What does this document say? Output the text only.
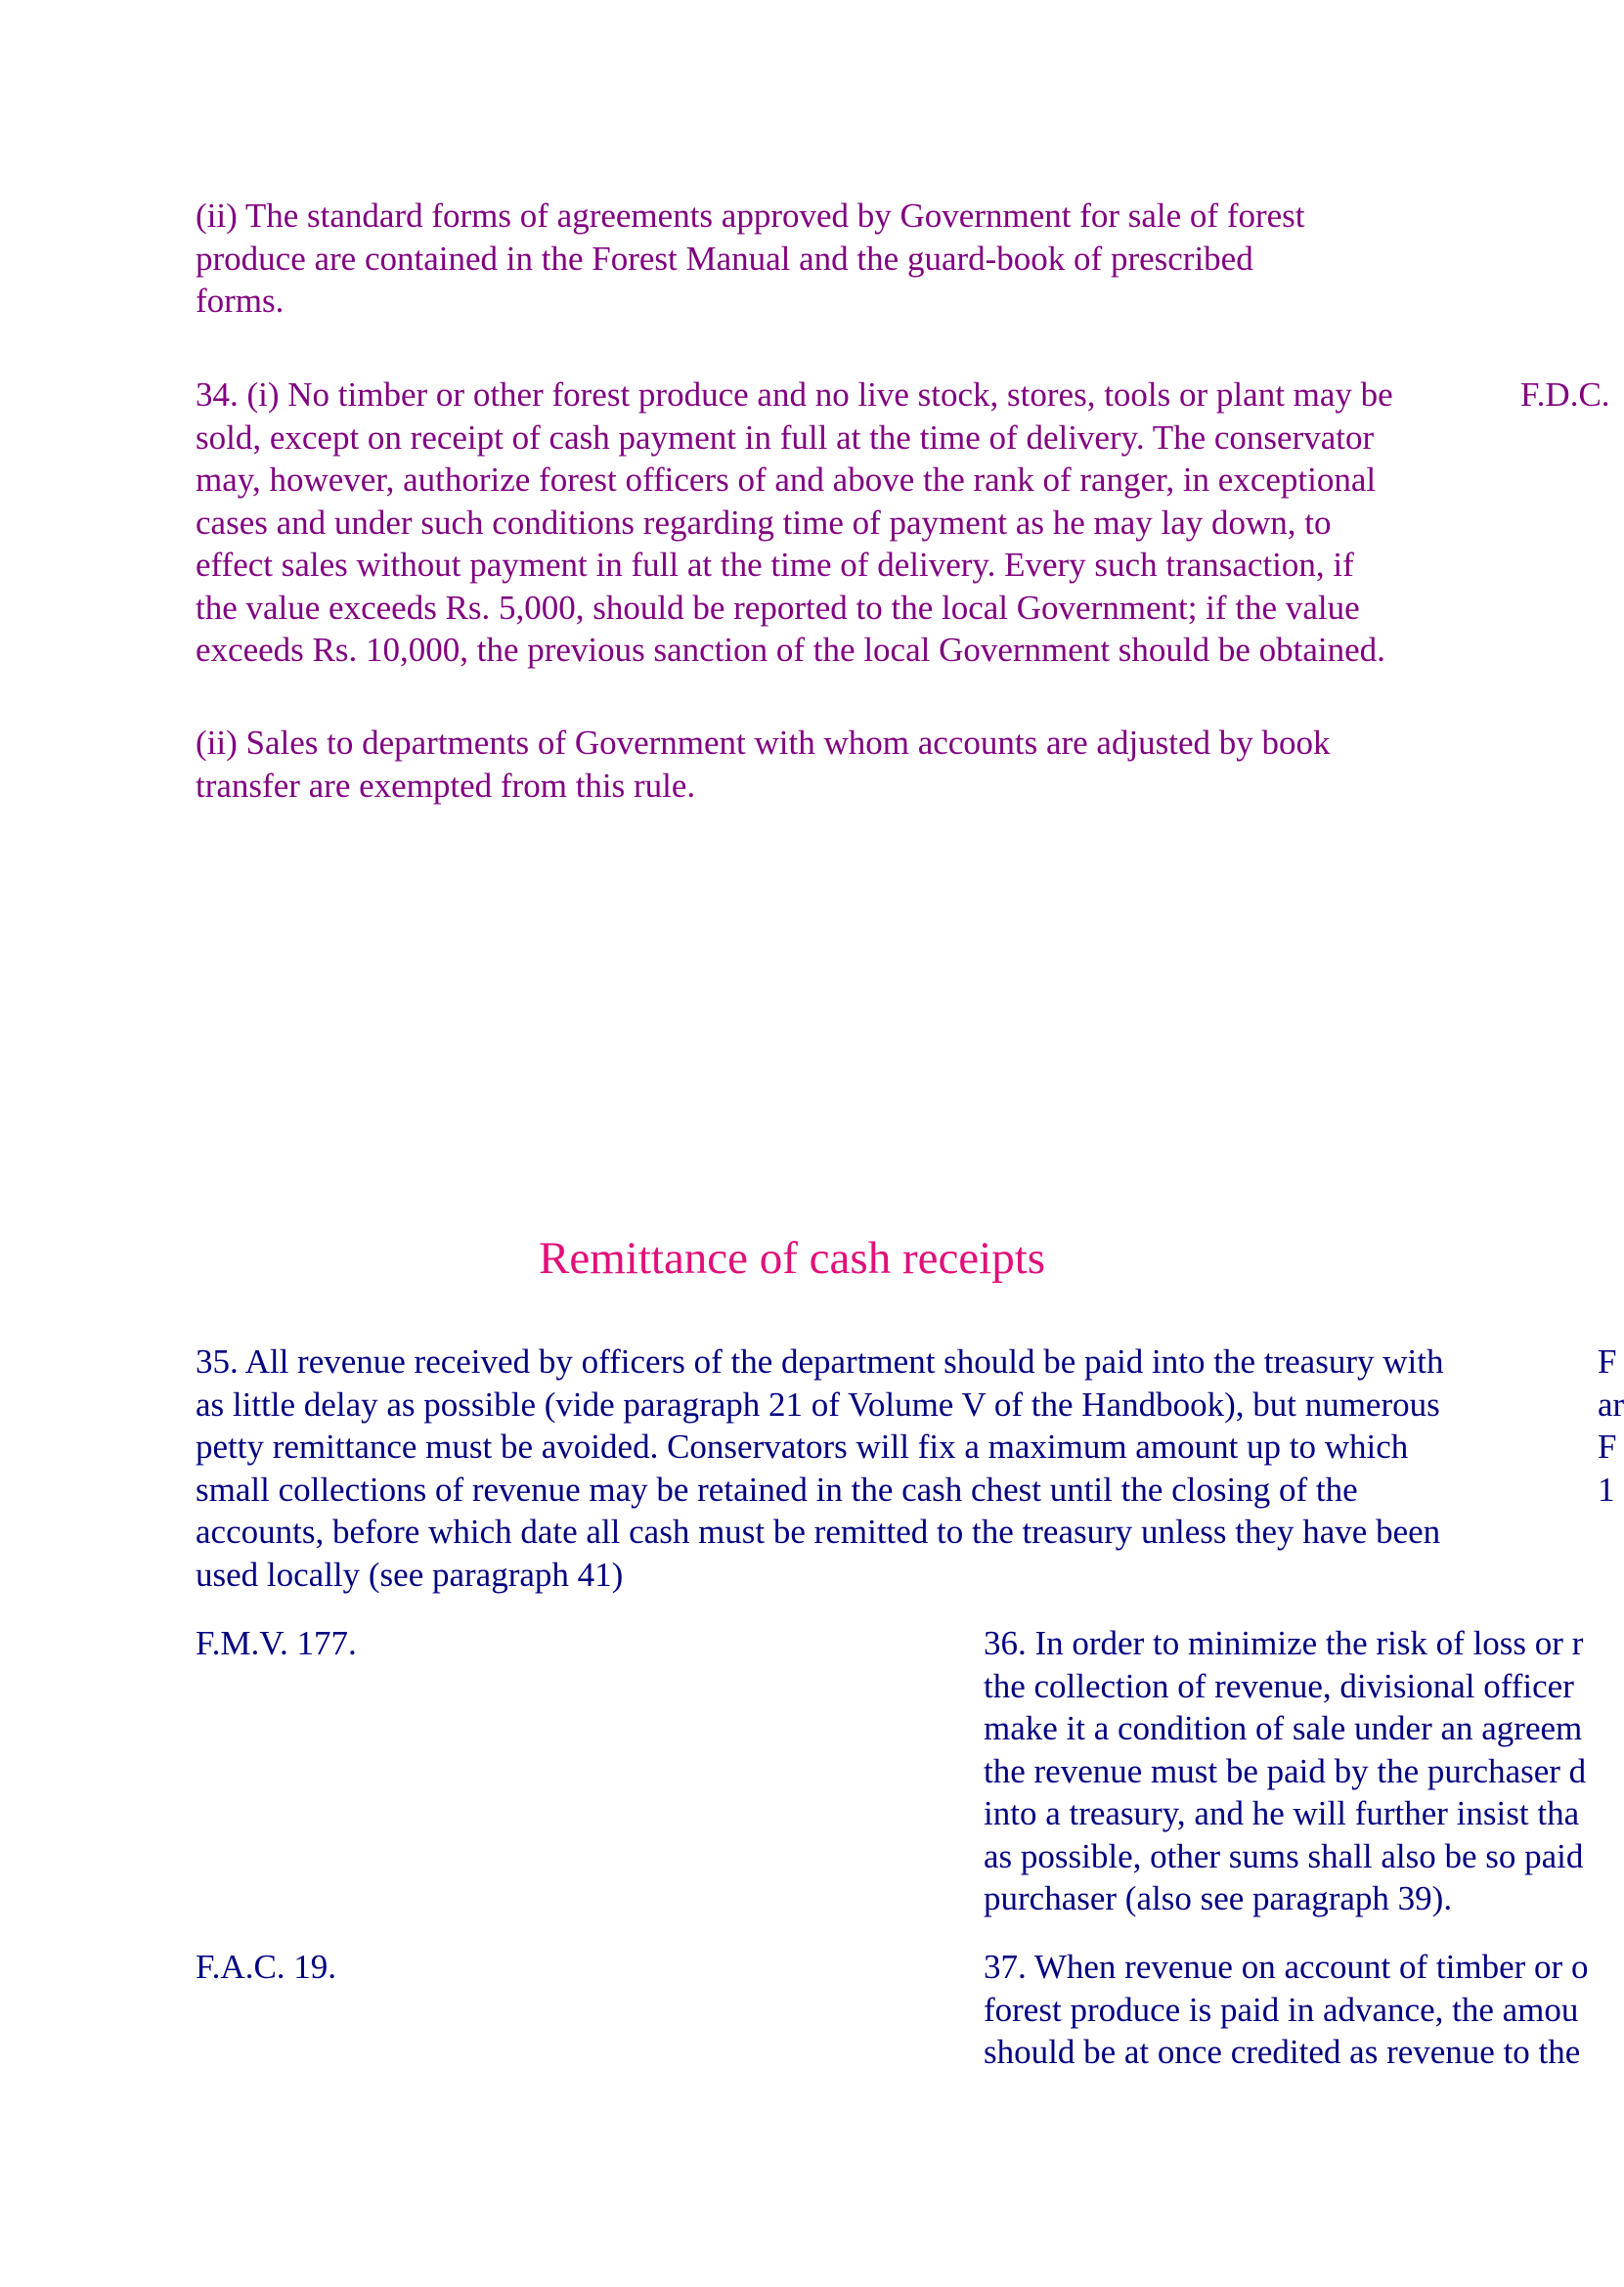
(ii) The standard forms of agreements approved by Government for sale of forest
produce are contained in the Forest Manual and the guard-book of prescribed
forms.
34. (i) No timber or other forest produce and no live stock, stores, tools or plant may be
sold, except on receipt of cash payment in full at the time of delivery. The conservator
may, however, authorize forest officers of and above the rank of ranger, in exceptional
cases and under such conditions regarding time of payment as he may lay down, to
effect sales without payment in full at the time of delivery. Every such transaction, if
the value exceeds Rs. 5,000, should be reported to the local Government; if the value
exceeds Rs. 10,000, the previous sanction of the local Government should be obtained.
F.D.C.
(ii) Sales to departments of Government with whom accounts are adjusted by book
transfer are exempted from this rule.
Remittance of cash receipts
35. All revenue received by officers of the department should be paid into the treasury with
as little delay as possible (vide paragraph 21 of Volume V of the Handbook), but numerous
petty remittance must be avoided. Conservators will fix a maximum amount up to which
small collections of revenue may be retained in the cash chest until the closing of the
accounts, before which date all cash must be remitted to the treasury unless they have been
used locally (see paragraph 41)
F
ar
F
1
F.M.V. 177.	36. In order to minimize the risk of loss or r
the collection of revenue, divisional officer
make it a condition of sale under an agreem
the revenue must be paid by the purchaser d
into a treasury, and he will further insist tha
as possible, other sums shall also be so paid
purchaser (also see paragraph 39).
F.A.C. 19.	37. When revenue on account of timber or o
forest produce is paid in advance, the amou
should be at once credited as revenue to the
